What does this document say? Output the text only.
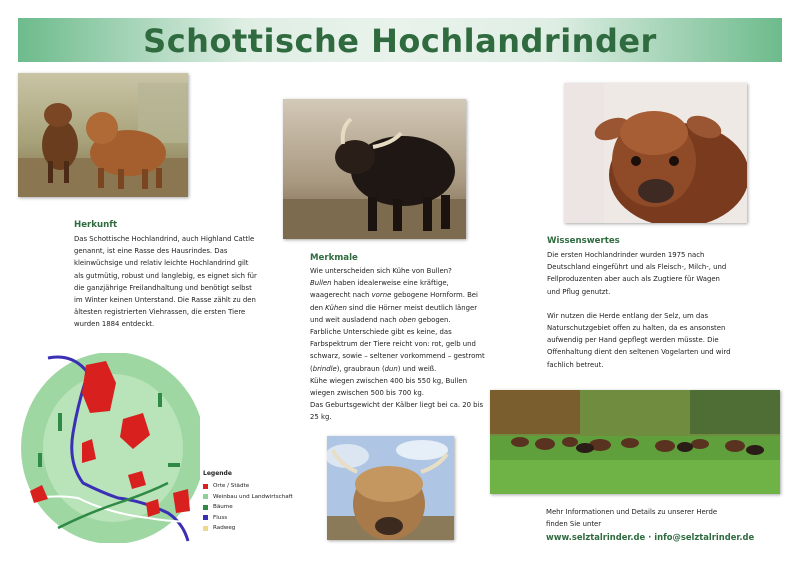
Schottische Hochlandrinder
Legende
Orte / Städte
Weinbau und Landwirtschaft
Bäume
Fluss
Radweg
Herkunft

Das Schottische Hochlandrind, auch Highland Cattle genannt, ist eine Rasse des Hausrindes. Das kleinwüchsige und relativ leichte Hochlandrind gilt als gutmütig, robust und langlebig, es eignet sich für die ganzjährige Freilandhaltung und benötigt selbst im Winter keinen Unterstand. Die Rasse zählt zu den ältesten registrierten Viehrassen, die ersten Tiere wurden 1884 entdeckt.

Merkmale

Wie unterscheiden sich Kühe von Bullen?

Bullen haben idealerweise eine kräftige, waagerecht nach vorne gebogene Hornform. Bei den Kühen sind die Hörner meist deutlich länger und weit ausladend nach oben gebogen.

Farbliche Unterschiede gibt es keine, das Farbspektrum der Tiere reicht von: rot, gelb und schwarz, sowie – seltener vorkommend – gestromt (brindle), graubraun (dun) und weiß.

Kühe wiegen zwischen 400 bis 550 kg, Bullen wiegen zwischen 500 bis 700 kg.

Das Geburtsgewicht der Kälber liegt bei ca. 20 bis 25 kg.

Wissenswertes

Die ersten Hochlandrinder wurden 1975 nach Deutschland eingeführt und als Fleisch-, Milch-, und Fellproduzenten aber auch als Zugtiere für Wagen und Pflug genutzt.

Wir nutzen die Herde entlang der Selz, um das Naturschutzgebiet offen zu halten, da es ansonsten aufwendig per Hand gepflegt werden müsste. Die Offenhaltung dient den seltenen Vogelarten und wird fachlich betreut.

Mehr Informationen und Details zu unserer Herde finden Sie unter

www.selztalrinder.de · info@selztalrinder.de
